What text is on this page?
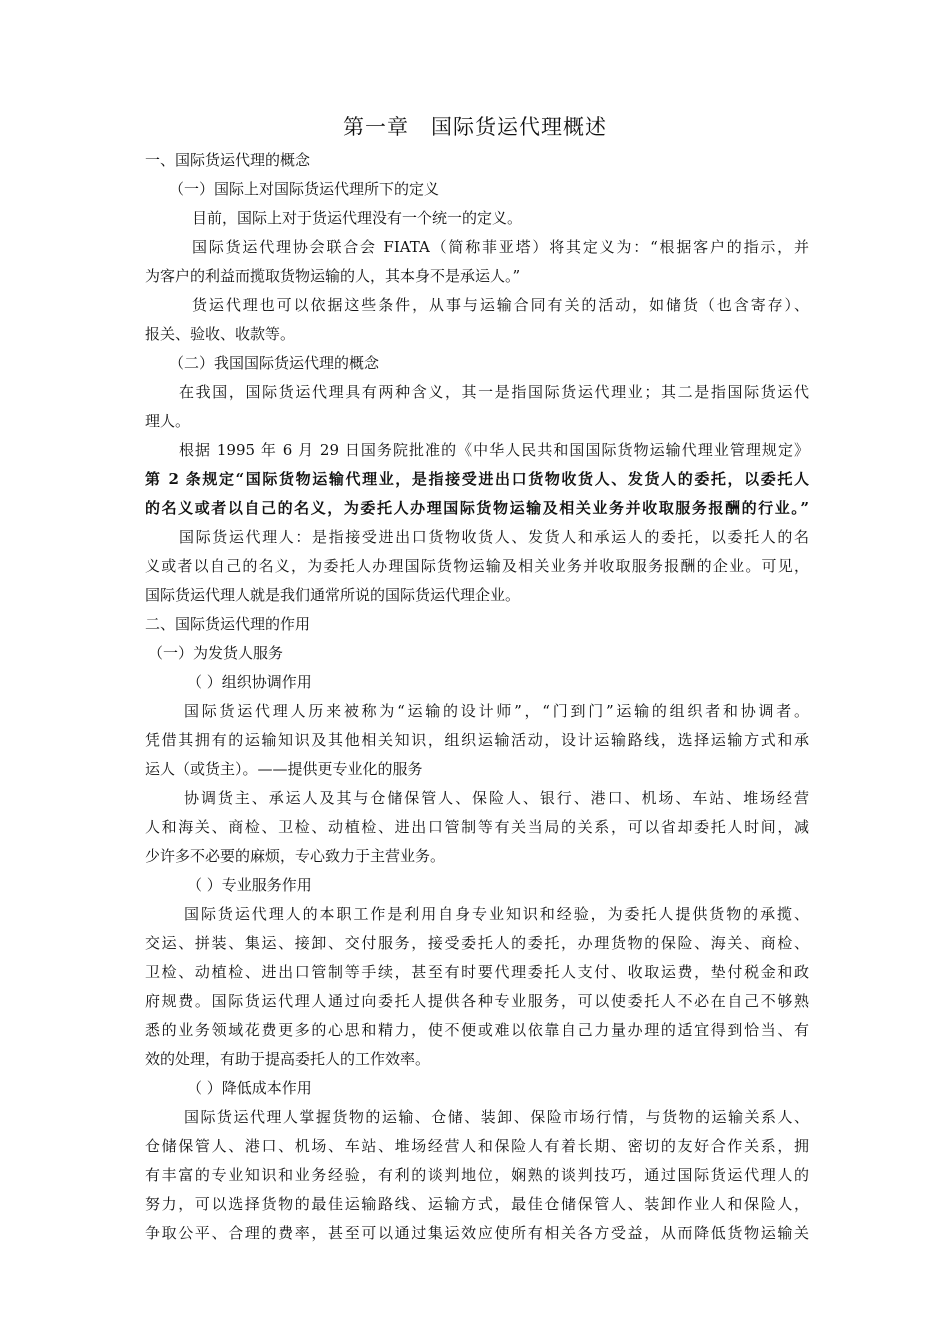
第一章　国际货运代理概述
一、国际货运代理的概念
（一）国际上对国际货运代理所下的定义
目前，国际上对于货运代理没有一个统一的定义。
国际货运代理协会联合会 FIATA（简称菲亚塔）将其定义为：“根据客户的指示，并
为客户的利益而揽取货物运输的人，其本身不是承运人。”
货运代理也可以依据这些条件，从事与运输合同有关的活动，如储货（也含寄存）、
报关、验收、收款等。
（二）我国国际货运代理的概念
在我国，国际货运代理具有两种含义，其一是指国际货运代理业；其二是指国际货运代
理人。
根据 1995 年 6 月 29 日国务院批准的《中华人民共和国国际货物运输代理业管理规定》
第 2 条规定“国际货物运输代理业，是指接受进出口货物收货人、发货人的委托，以委托人
的名义或者以自己的名义，为委托人办理国际货物运输及相关业务并收取服务报酬的行业。”
国际货运代理人：是指接受进出口货物收货人、发货人和承运人的委托，以委托人的名
义或者以自己的名义，为委托人办理国际货物运输及相关业务并收取服务报酬的企业。可见，
国际货运代理人就是我们通常所说的国际货运代理企业。
二、国际货运代理的作用
（一）为发货人服务
（ ）组织协调作用
国际货运代理人历来被称为“运输的设计师”，“门到门”运输的组织者和协调者。
凭借其拥有的运输知识及其他相关知识，组织运输活动，设计运输路线，选择运输方式和承
运人（或货主）。——提供更专业化的服务
协调货主、承运人及其与仓储保管人、保险人、银行、港口、机场、车站、堆场经营
人和海关、商检、卫检、动植检、进出口管制等有关当局的关系，可以省却委托人时间，减
少许多不必要的麻烦，专心致力于主营业务。
（ ）专业服务作用
国际货运代理人的本职工作是利用自身专业知识和经验，为委托人提供货物的承揽、
交运、拼装、集运、接卸、交付服务，接受委托人的委托，办理货物的保险、海关、商检、
卫检、动植检、进出口管制等手续，甚至有时要代理委托人支付、收取运费，垫付税金和政
府规费。国际货运代理人通过向委托人提供各种专业服务，可以使委托人不必在自己不够熟
悉的业务领域花费更多的心思和精力，使不便或难以依靠自己力量办理的适宜得到恰当、有
效的处理，有助于提高委托人的工作效率。
（ ）降低成本作用
国际货运代理人掌握货物的运输、仓储、装卸、保险市场行情，与货物的运输关系人、
仓储保管人、港口、机场、车站、堆场经营人和保险人有着长期、密切的友好合作关系，拥
有丰富的专业知识和业务经验，有利的谈判地位，娴熟的谈判技巧，通过国际货运代理人的
努力，可以选择货物的最佳运输路线、运输方式，最佳仓储保管人、装卸作业人和保险人，
争取公平、合理的费率，甚至可以通过集运效应使所有相关各方受益，从而降低货物运输关
